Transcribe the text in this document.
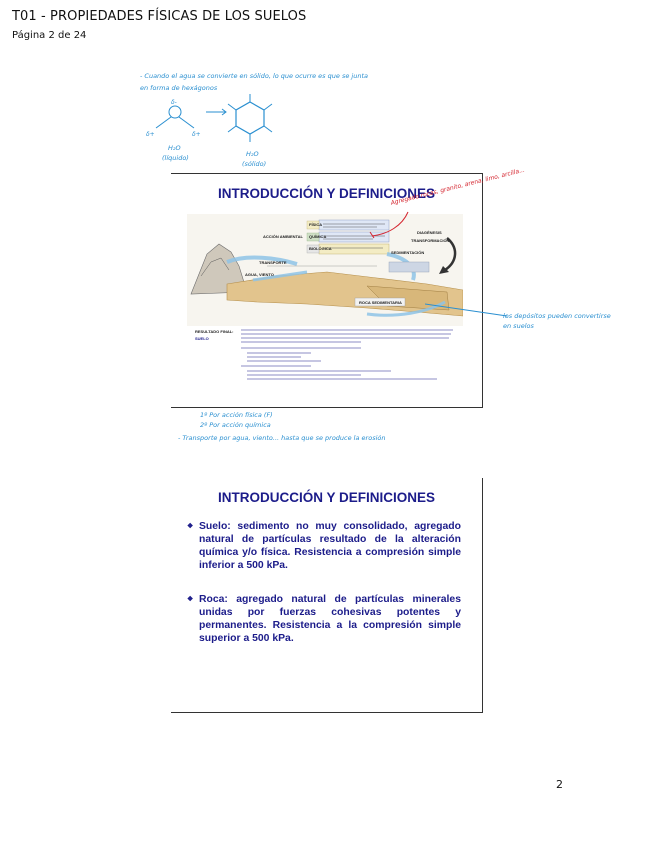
T01 - PROPIEDADES FÍSICAS DE LOS SUELOS
Página 2 de 24
- Cuando el agua se convierte en sólido, lo que ocurre es que se junta
en forma de hexágonos
δ-
δ+	δ+
H₂O
(líquido)	H₂O
(sólido)
INTRODUCCIÓN Y DEFINICIONES
FÍSICA
QUÍMICA
BIOLÓGICA
ACCIÓN AMBIENTAL
DIAGÉNESIS
TRANSFORMACIÓN
TRANSPORTE
SEDIMENTACIÓN
AGUA, VIENTO
ROCA SEDIMENTARIA
RESULTADO FINAL:
SUELO
Agregado rocas, granito, arena, limo, arcilla...
los depósitos pueden convertirse
en suelos
1º Por acción física (F)
2º Por acción química
- Transporte por agua, viento... hasta que se produce la erosión
INTRODUCCIÓN Y DEFINICIONES
❖ Suelo: sedimento no muy consolidado, agregado natural de partículas resultado de la alteración química y/o física. Resistencia a compresión simple inferior a 500 kPa.
❖ Roca: agregado natural de partículas minerales unidas por fuerzas cohesivas potentes y permanentes. Resistencia a la compresión simple superior a 500 kPa.
2
